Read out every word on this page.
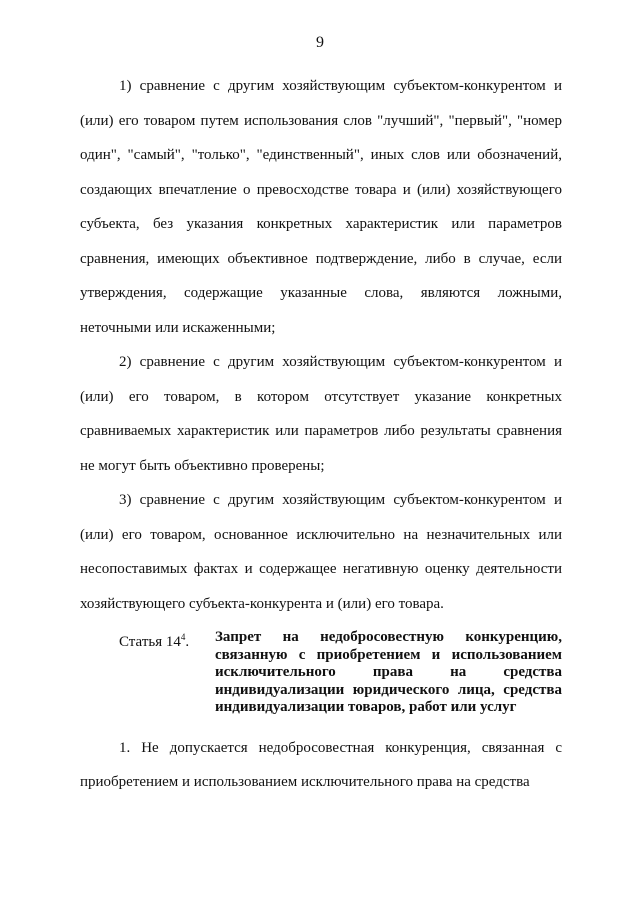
9

1) сравнение с другим хозяйствующим субъектом-конкурентом и (или) его товаром путем использования слов "лучший", "первый", "номер один", "самый", "только", "единственный", иных слов или обозначений, создающих впечатление о превосходстве товара и (или) хозяйствующего субъекта, без указания конкретных характеристик или параметров сравнения, имеющих объективное подтверждение, либо в случае, если утверждения, содержащие указанные слова, являются ложными, неточными или искаженными;

2) сравнение с другим хозяйствующим субъектом-конкурентом и (или) его товаром, в котором отсутствует указание конкретных сравниваемых характеристик или параметров либо результаты сравнения не могут быть объективно проверены;

3) сравнение с другим хозяйствующим субъектом-конкурентом и (или) его товаром, основанное исключительно на незначительных или несопоставимых фактах и содержащее негативную оценку деятельности хозяйствующего субъекта-конкурента и (или) его товара.

Статья $14^4$.	Запрет на недобросовестную конкуренцию, связанную с приобретением и использованием исключительного права на средства индивидуализации юридического лица, средства индивидуализации товаров, работ или услуг

1. Не допускается недобросовестная конкуренция, связанная с приобретением и использованием исключительного права на средства
